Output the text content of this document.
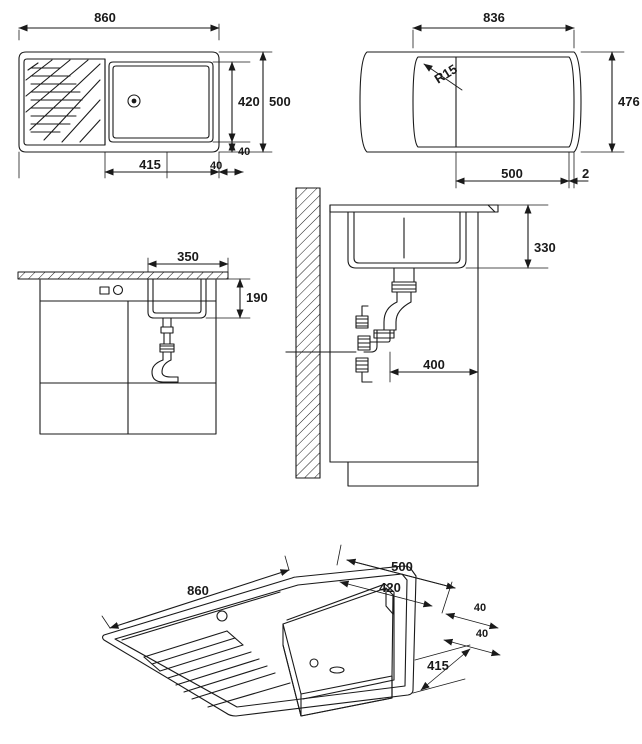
860
420 500
40
415	40
R15
836
476
500	2
350
190
330
400
500
420
860
40
40
415
